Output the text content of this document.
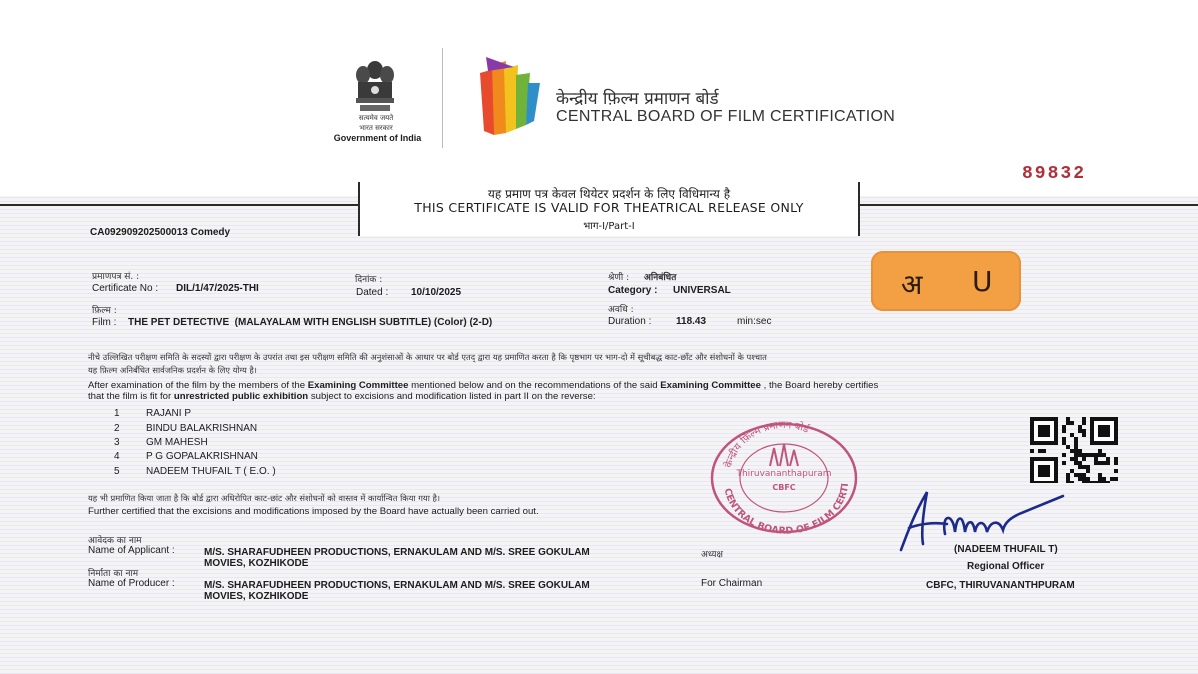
सत्यमेव जयते
भारत सरकार
Government of India
केन्द्रीय फ़िल्म प्रमाणन बोर्ड
CENTRAL BOARD OF FILM CERTIFICATION
89832
यह प्रमाण पत्र केवल थियेटर प्रदर्शन के लिए विधिमान्य है
THIS CERTIFICATE IS VALID FOR THEATRICAL RELEASE ONLY
भाग-I/Part-I
CA092909202500013 Comedy
प्रमाणपत्र सं. :
Certificate No : DIL/1/47/2025-THI
दिनांक :
Dated : 10/10/2025
श्रेणी : अनिबंधित
Category : UNIVERSAL
फ़िल्म :
Film : THE PET DETECTIVE  (MALAYALAM WITH ENGLISH SUBTITLE) (Color) (2-D)
अवधि :
Duration : 118.43	min:sec
अ U
नीचे उल्लिखित परीक्षण समिति के सदस्यों द्वारा परीक्षण के उपरांत तथा इस परीक्षण समिति की अनुशंसाओं के आधार पर बोर्ड एतद् द्वारा यह प्रमाणित करता है कि पृष्ठभाग पर भाग-दो में सूचीबद्ध काट-छाँट और संशोधनों के पश्चात
यह फ़िल्म अनिर्बंधित सार्वजनिक प्रदर्शन के लिए योग्य है।
After examination of the film by the members of the Examining Committee mentioned below and on the recommendations of the said Examining Committee , the Board hereby certifies
that the film is fit for unrestricted public exhibition subject to excisions and modification listed in part II on the reverse:
1	RAJANI P
2	BINDU BALAKRISHNAN
3	GM MAHESH
4	P G GOPALAKRISHNAN
5	NADEEM THUFAIL T ( E.O. )
यह भी प्रमाणित किया जाता है कि बोर्ड द्वारा अधिरोपित काट-छांट और संशोधनों को वास्तव में कार्यान्वित किया गया है।
Further certified that the excisions and modifications imposed by the Board have actually been carried out.
आवेदक का नाम
Name of Applicant :	M/S. SHARAFUDHEEN PRODUCTIONS, ERNAKULAM AND M/S. SREE GOKULAM
MOVIES, KOZHIKODE
निर्माता का नाम
Name of Producer :	M/S. SHARAFUDHEEN PRODUCTIONS, ERNAKULAM AND M/S. SREE GOKULAM
MOVIES, KOZHIKODE
अध्यक्ष
For Chairman
केन्द्रीय फ़िल्म प्रमाणन बोर्ड
CENTRAL BOARD OF FILM CERTI
Thiruvananthapuram
CBFC
(NADEEM THUFAIL T)
Regional Officer
CBFC, THIRUVANANTHPURAM
